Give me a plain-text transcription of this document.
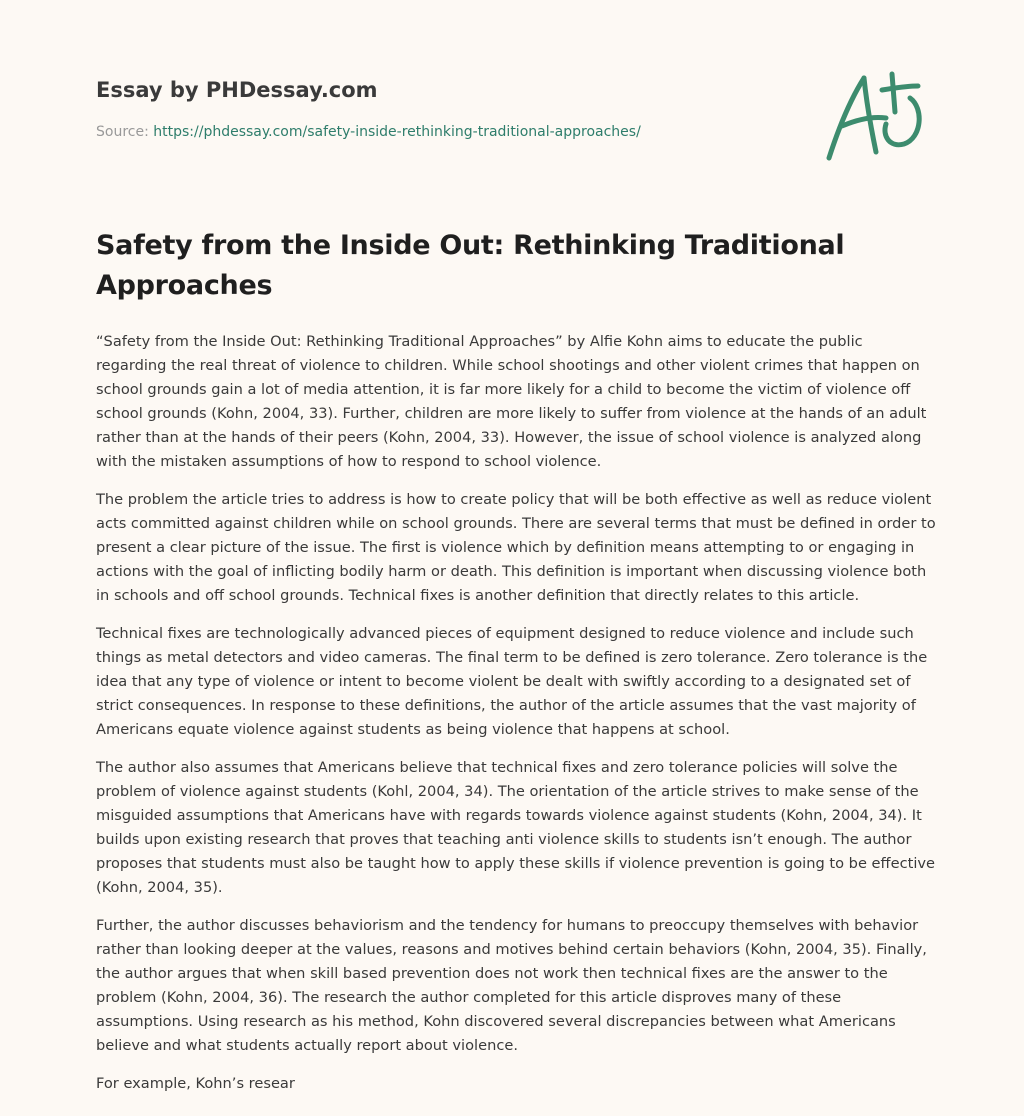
Essay by PHDessay.com
Source: https://phdessay.com/safety-inside-rethinking-traditional-approaches/
Safety from the Inside Out: Rethinking Traditional Approaches

“Safety from the Inside Out: Rethinking Traditional Approaches” by Alfie Kohn aims to educate the public regarding the real threat of violence to children. While school shootings and other violent crimes that happen on school grounds gain a lot of media attention, it is far more likely for a child to become the victim of violence off school grounds (Kohn, 2004, 33). Further, children are more likely to suffer from violence at the hands of an adult rather than at the hands of their peers (Kohn, 2004, 33). However, the issue of school violence is analyzed along with the mistaken assumptions of how to respond to school violence.

The problem the article tries to address is how to create policy that will be both effective as well as reduce violent acts committed against children while on school grounds. There are several terms that must be defined in order to present a clear picture of the issue. The first is violence which by definition means attempting to or engaging in actions with the goal of inflicting bodily harm or death. This definition is important when discussing violence both in schools and off school grounds. Technical fixes is another definition that directly relates to this article.

Technical fixes are technologically advanced pieces of equipment designed to reduce violence and include such things as metal detectors and video cameras. The final term to be defined is zero tolerance. Zero tolerance is the idea that any type of violence or intent to become violent be dealt with swiftly according to a designated set of strict consequences. In response to these definitions, the author of the article assumes that the vast majority of Americans equate violence against students as being violence that happens at school.

The author also assumes that Americans believe that technical fixes and zero tolerance policies will solve the problem of violence against students (Kohl, 2004, 34). The orientation of the article strives to make sense of the misguided assumptions that Americans have with regards towards violence against students (Kohn, 2004, 34). It builds upon existing research that proves that teaching anti violence skills to students isn’t enough. The author proposes that students must also be taught how to apply these skills if violence prevention is going to be effective (Kohn, 2004, 35).

Further, the author discusses behaviorism and the tendency for humans to preoccupy themselves with behavior rather than looking deeper at the values, reasons and motives behind certain behaviors (Kohn, 2004, 35). Finally, the author argues that when skill based prevention does not work then technical fixes are the answer to the problem (Kohn, 2004, 36). The research the author completed for this article disproves many of these assumptions. Using research as his method, Kohn discovered several discrepancies between what Americans believe and what students actually report about violence.

For example, Kohn’s resear
